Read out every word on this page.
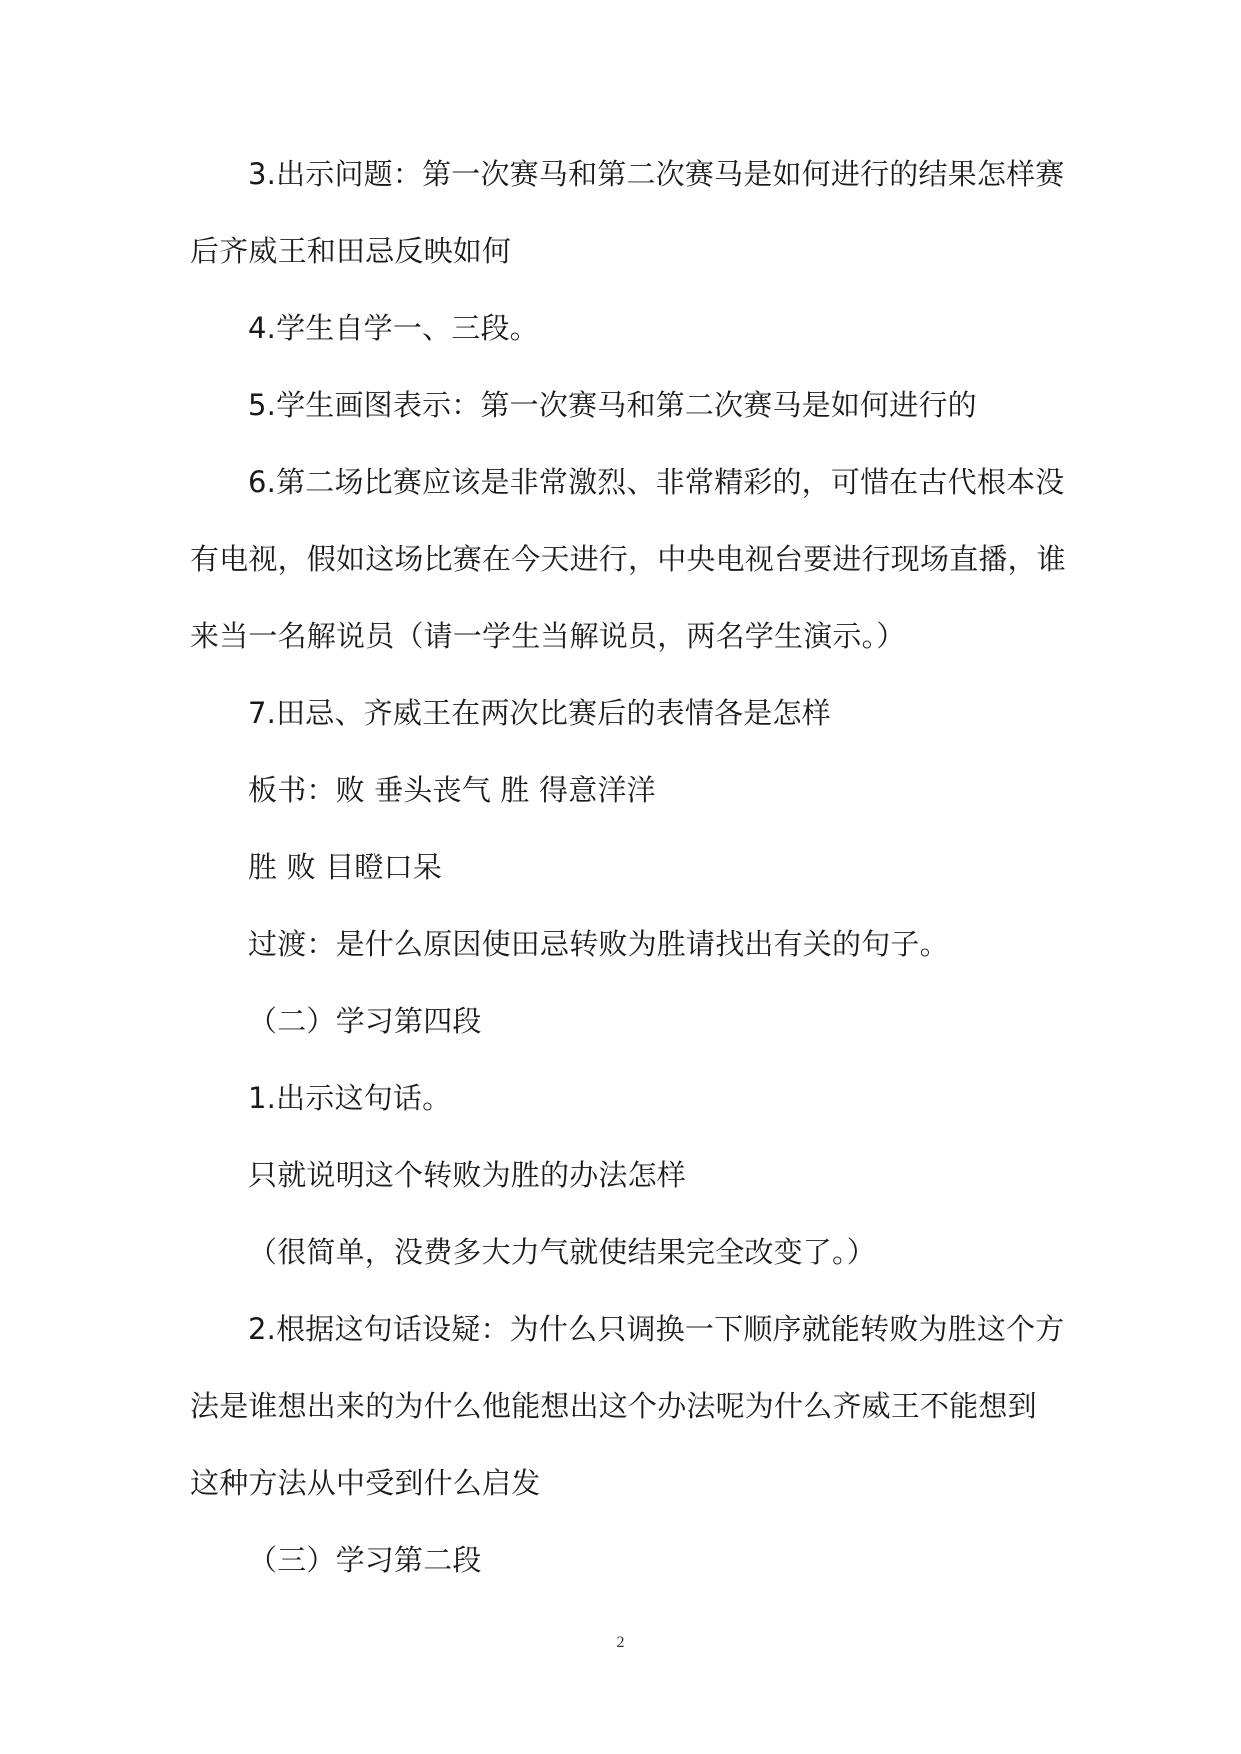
3.出示问题：第一次赛马和第二次赛马是如何进行的结果怎样赛
后齐威王和田忌反映如何
4.学生自学一、三段。
5.学生画图表示：第一次赛马和第二次赛马是如何进行的
6.第二场比赛应该是非常激烈、非常精彩的，可惜在古代根本没
有电视，假如这场比赛在今天进行，中央电视台要进行现场直播，谁
来当一名解说员（请一学生当解说员，两名学生演示。）
7.田忌、齐威王在两次比赛后的表情各是怎样
板书：败 垂头丧气 胜 得意洋洋
胜 败 目瞪口呆
过渡：是什么原因使田忌转败为胜请找出有关的句子。
（二）学习第四段
1.出示这句话。
只就说明这个转败为胜的办法怎样
（很简单，没费多大力气就使结果完全改变了。）
2.根据这句话设疑：为什么只调换一下顺序就能转败为胜这个方
法是谁想出来的为什么他能想出这个办法呢为什么齐威王不能想到
这种方法从中受到什么启发
（三）学习第二段
2
